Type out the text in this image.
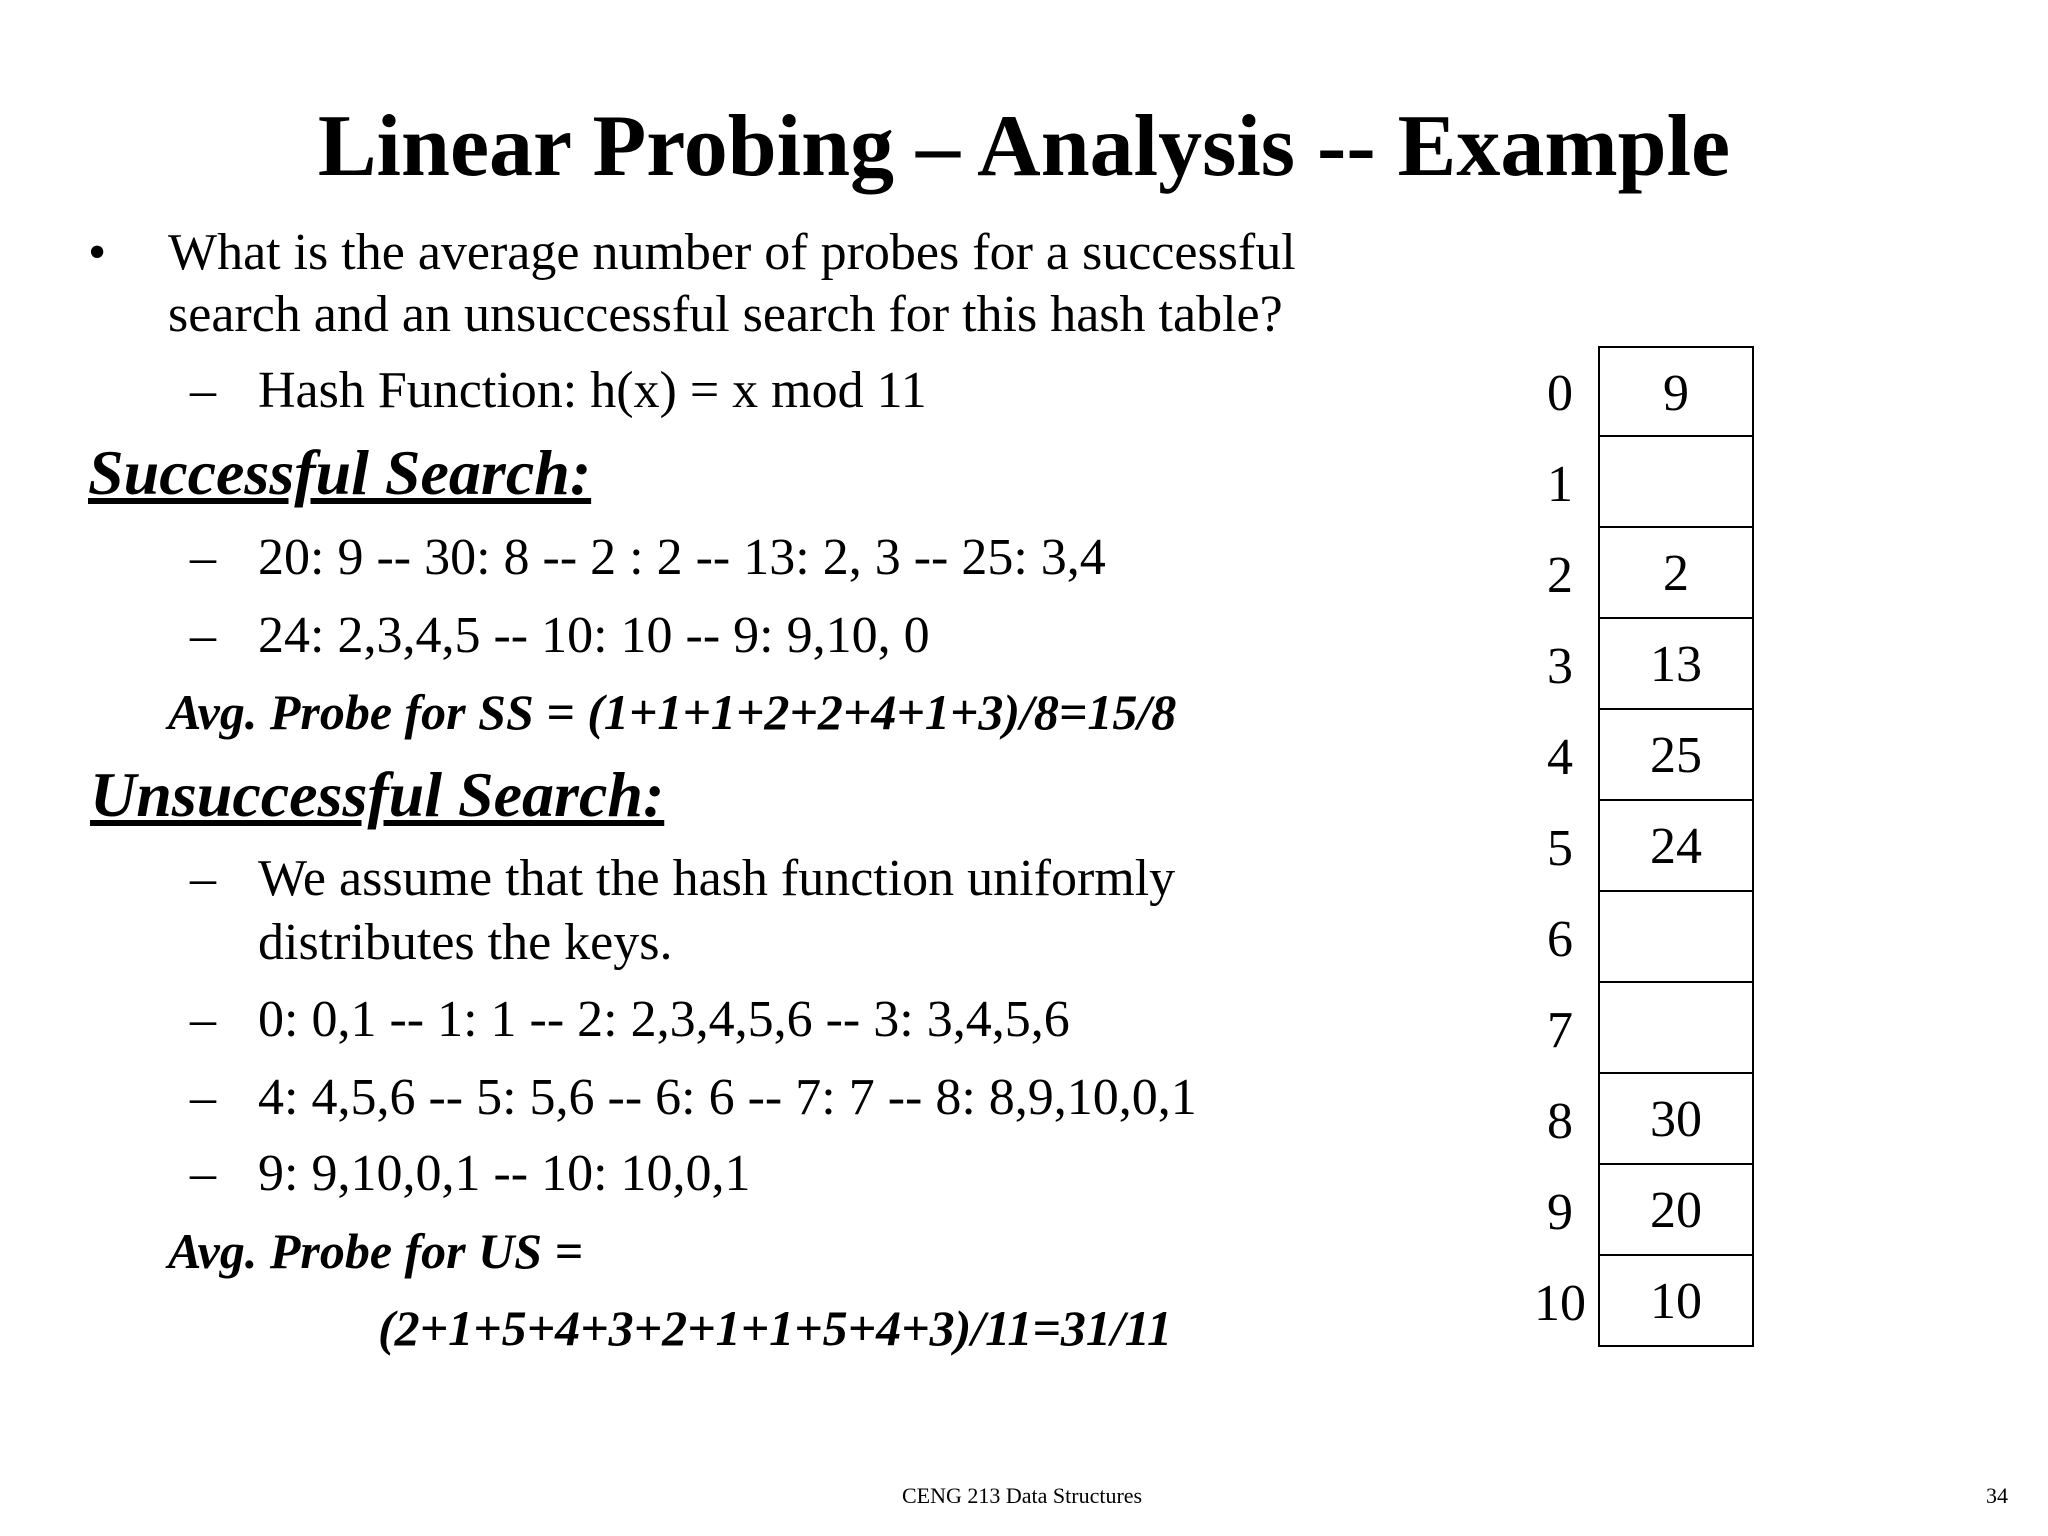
Linear Probing – Analysis -- Example
• What is the average number of probes for a successful
search and an unsuccessful search for this hash table?
– Hash Function: h(x) = x mod 11
Successful Search:
– 20: 9 -- 30: 8 -- 2 : 2 -- 13: 2, 3 -- 25: 3,4
– 24: 2,3,4,5 -- 10: 10 -- 9: 9,10, 0
Avg. Probe for SS = (1+1+1+2+2+4+1+3)/8=15/8
Unsuccessful Search:
– We assume that the hash function uniformly
distributes the keys.
– 0: 0,1 -- 1: 1 -- 2: 2,3,4,5,6 -- 3: 3,4,5,6
– 4: 4,5,6 -- 5: 5,6 -- 6: 6 -- 7: 7 -- 8: 8,9,10,0,1
– 9: 9,10,0,1 -- 10: 10,0,1
Avg. Probe for US =
(2+1+5+4+3+2+1+1+5+4+3)/11=31/11
0
1
2
3
4
5
6
7
8
9
10
9
2
13
25
24
30
20
10
CENG 213 Data Structures	34
